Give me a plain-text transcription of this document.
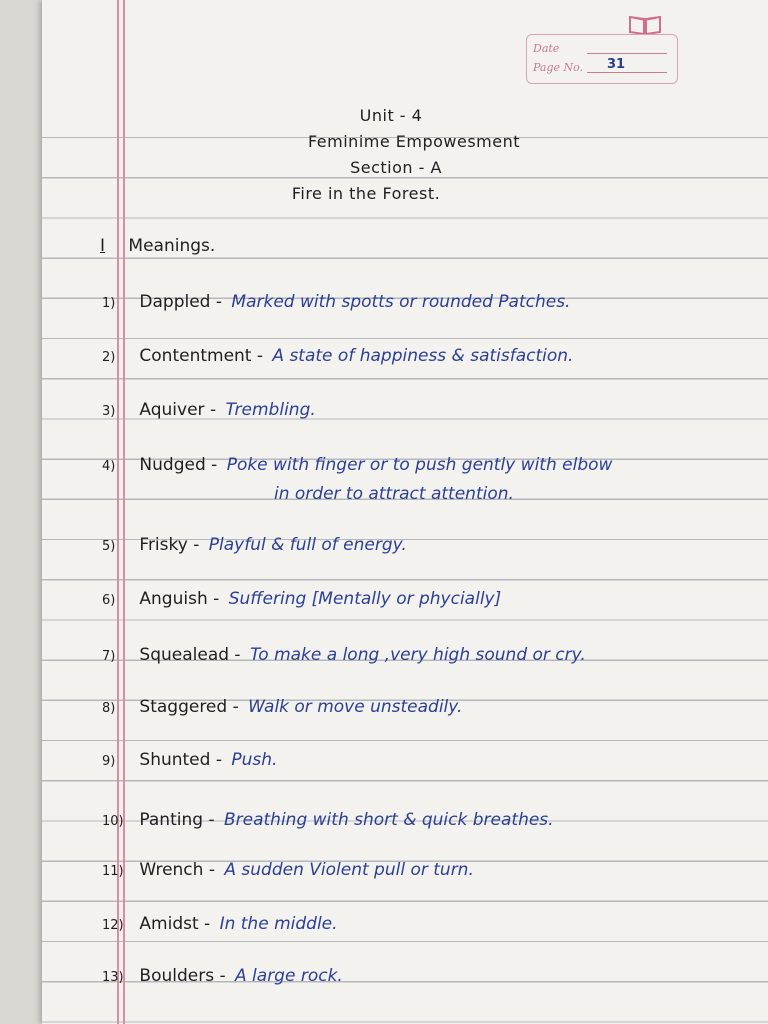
Date
Page No. 31
Unit - 4
Feminime Empowesment
Section - A
Fire in the Forest.
I Meanings.
1) Dappled - Marked with spotts or rounded Patches.
2) Contentment - A state of happiness & satisfaction.
3) Aquiver - Trembling.
4) Nudged - Poke with finger or to push gently with elbow
in order to attract attention.
5) Frisky - Playful & full of energy.
6) Anguish - Suffering [Mentally or phycially]
7) Squealead - To make a long ,very high sound or cry.
8) Staggered - Walk or move unsteadily.
9) Shunted - Push.
10) Panting - Breathing with short & quick breathes.
11) Wrench - A sudden Violent pull or turn.
12) Amidst - In the middle.
13) Boulders - A large rock.
